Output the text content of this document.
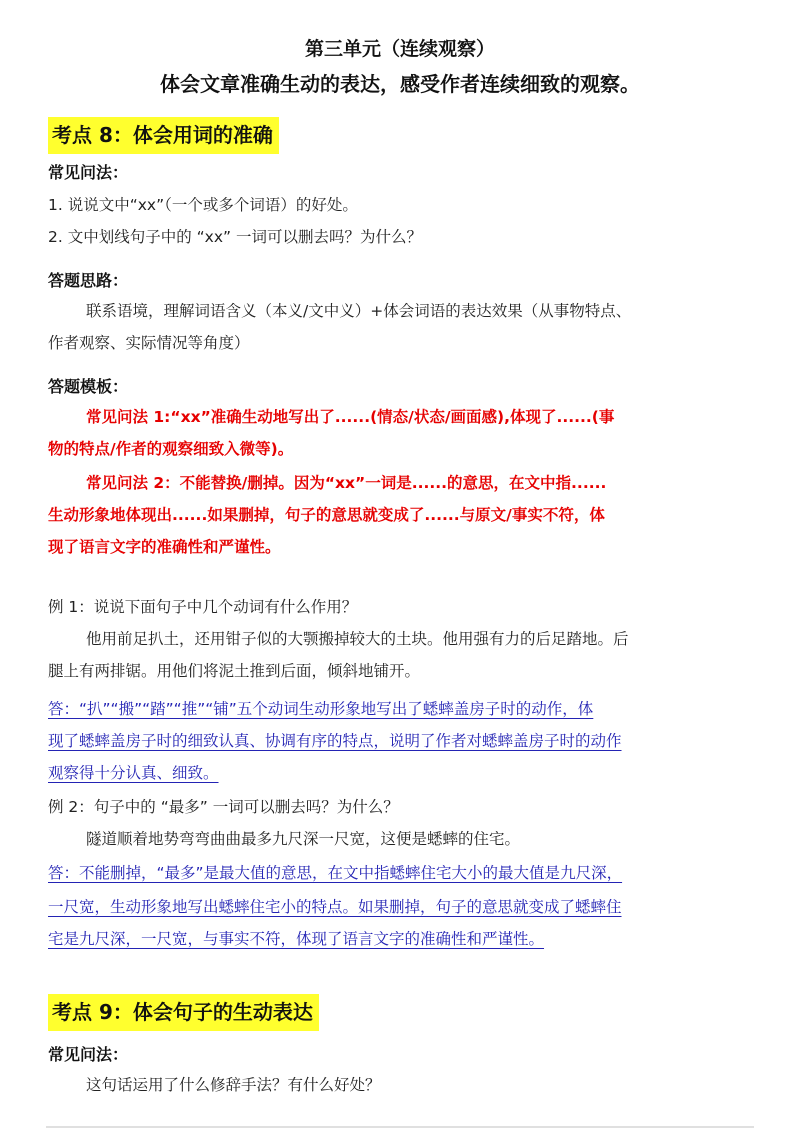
第三单元（连续观察）
体会文章准确生动的表达，感受作者连续细致的观察。
考点 8：体会用词的准确
常见问法：
1. 说说文中“xx”（一个或多个词语）的好处。
2. 文中划线句子中的 “xx” 一词可以删去吗？为什么？
答题思路：
联系语境，理解词语含义（本义/文中义）+体会词语的表达效果（从事物特点、
作者观察、实际情况等角度）
答题模板：
常见问法 1:“xx”准确生动地写出了......(情态/状态/画面感),体现了......(事
物的特点/作者的观察细致入微等)。
常见问法 2：不能替换/删掉。因为“xx”一词是......的意思，在文中指......
生动形象地体现出......如果删掉，句子的意思就变成了......与原文/事实不符，体
现了语言文字的准确性和严谨性。
例 1：说说下面句子中几个动词有什么作用？
他用前足扒土，还用钳子似的大颚搬掉较大的土块。他用强有力的后足踏地。后
腿上有两排锯。用他们将泥土推到后面，倾斜地铺开。
答：“扒”“搬”“踏”“推”“铺”五个动词生动形象地写出了蟋蟀盖房子时的动作，体
现了蟋蟀盖房子时的细致认真、协调有序的特点，说明了作者对蟋蟀盖房子时的动作
观察得十分认真、细致。
例 2：句子中的 “最多” 一词可以删去吗？为什么？
隧道顺着地势弯弯曲曲最多九尺深一尺宽，这便是蟋蟀的住宅。
答：不能删掉，“最多”是最大值的意思，在文中指蟋蟀住宅大小的最大值是九尺深，
一尺宽，生动形象地写出蟋蟀住宅小的特点。如果删掉，句子的意思就变成了蟋蟀住
宅是九尺深，一尺宽，与事实不符，体现了语言文字的准确性和严谨性。
考点 9：体会句子的生动表达
常见问法：
这句话运用了什么修辞手法？有什么好处？
